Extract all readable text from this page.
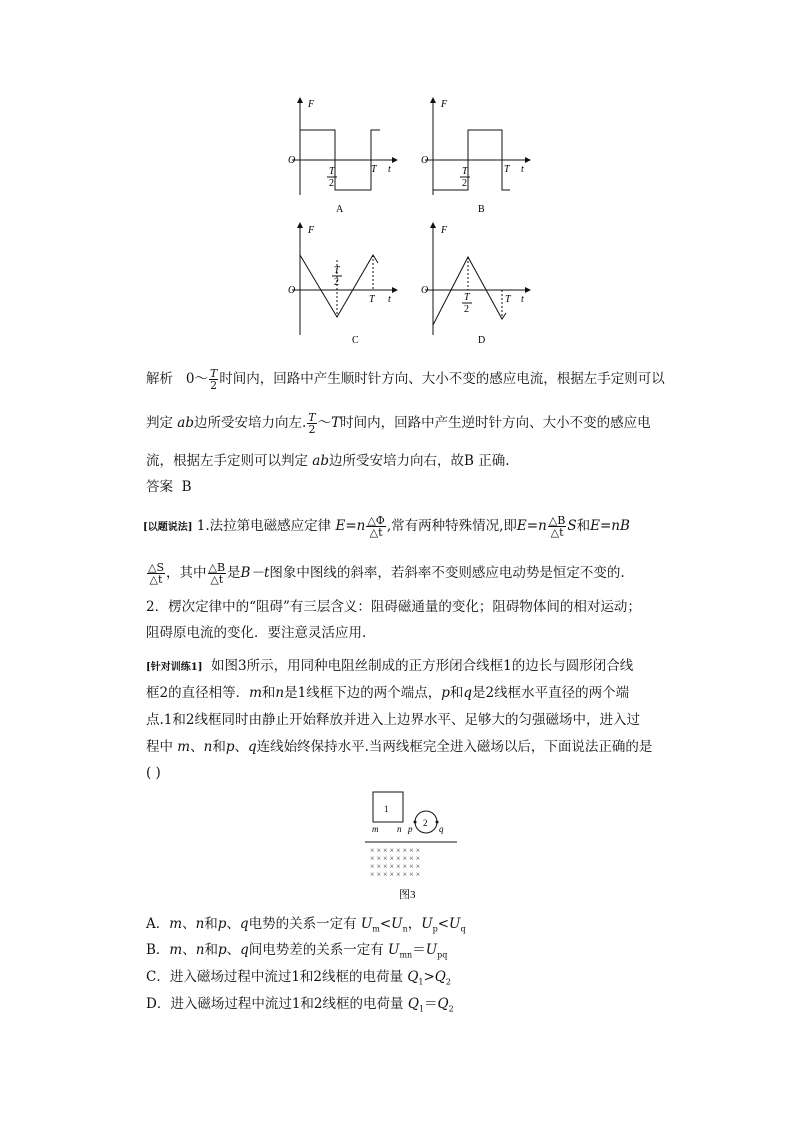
F
O
t
T
2
T
A
F
O
t
T
2
T
B
F
O
t
T
2
T
C
F
O
t
T
2
T
D
解析 0～ $\frac{T}{2}$ 时间内，回路中产生顺时针方向、大小不变的感应电流，根据左手定则可以
判定 ab边所受安培力向左. $\frac{T}{2}$ ～T时间内，回路中产生逆时针方向、大小不变的感应电
流，根据左手定则可以判定 ab边所受安培力向右，故B 正确.
答案 B
[以题说法] 1.法拉第电磁感应定律 $E=n \frac{\triangle\Phi}{\triangle t}$ ,常有两种特殊情况,即$E=n \frac{\triangle B}{\triangle t}$ S和E=nB
$\frac{\triangle S}{\triangle t}$ ，其中 $\frac{\triangle B}{\triangle t}$ 是B－t图象中图线的斜率，若斜率不变则感应电动势是恒定不变的.
2．楞次定律中的“阻碍”有三层含义：阻碍磁通量的变化；阻碍物体间的相对运动；
阻碍原电流的变化．要注意灵活应用.
[针对训练1] 如图3所示，用同种电阻丝制成的正方形闭合线框1的边长与圆形闭合线
框2的直径相等．m和n是1线框下边的两个端点，p和q是2线框水平直径的两个端
点.1和2线框同时由静止开始释放并进入上边界水平、足够大的匀强磁场中，进入过
程中 m、n和p、q连线始终保持水平.当两线框完全进入磁场以后，下面说法正确的是
( )
1
m n
2
p	q
× × × × × × × ×
× × × × × × × ×
× × × × × × × ×
× × × × × × × ×
图3
A．m、n和p、q电势的关系一定有 $U_m<U_n$，$U_p<U_q$
B．m、n和p、q间电势差的关系一定有 $U_{mn}=U_{pq}$
C．进入磁场过程中流过1和2线框的电荷量 $Q_1>Q_2$
D．进入磁场过程中流过1和2线框的电荷量 $Q_1=Q_2$
